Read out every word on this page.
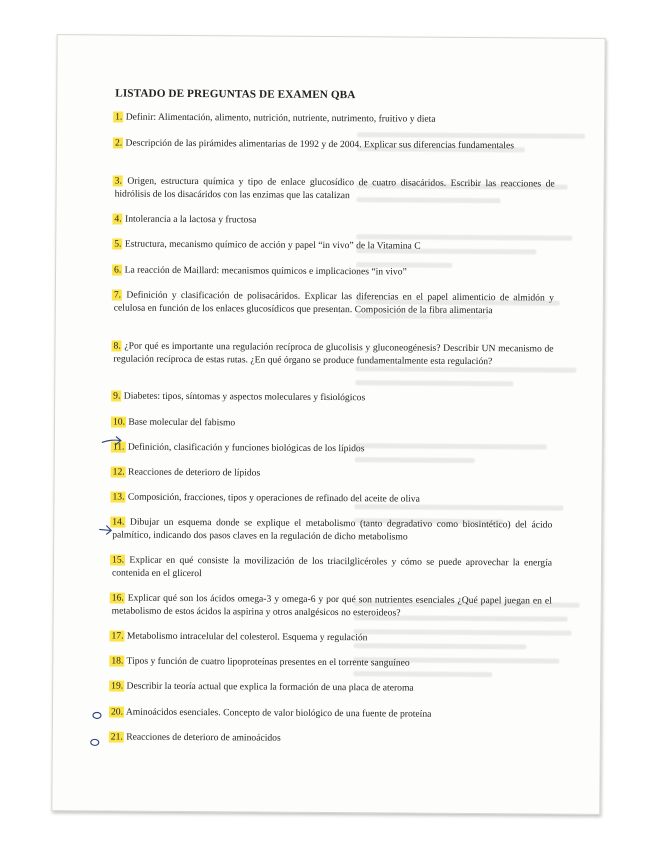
LISTADO DE PREGUNTAS DE EXAMEN QBA
1. Definir: Alimentación, alimento, nutrición, nutriente, nutrimento, fruitivo y dieta
2. Descripción de las pirámides alimentarias de 1992 y de 2004. Explicar sus diferencias fundamentales
3. Origen, estructura química y tipo de enlace glucosídico de cuatro disacáridos. Escribir las reacciones de hidrólisis de los disacáridos con las enzimas que las catalizan
4. Intolerancia a la lactosa y fructosa
5. Estructura, mecanismo químico de acción y papel “in vivo” de la Vitamina C
6. La reacción de Maillard: mecanismos químicos e implicaciones “in vivo”
7. Definición y clasificación de polisacáridos. Explicar las diferencias en el papel alimenticio de almidón y celulosa en función de los enlaces glucosídicos que presentan. Composición de la fibra alimentaria
8. ¿Por qué es importante una regulación recíproca de glucolisis y gluconeogénesis? Describir UN mecanismo de regulación recíproca de estas rutas. ¿En qué órgano se produce fundamentalmente esta regulación?
9. Diabetes: tipos, síntomas y aspectos moleculares y fisiológicos
10. Base molecular del fabismo
11. Definición, clasificación y funciones biológicas de los lípidos
12. Reacciones de deterioro de lípidos
13. Composición, fracciones, tipos y operaciones de refinado del aceite de oliva
14. Dibujar un esquema donde se explique el metabolismo (tanto degradativo como biosintético) del ácido palmítico, indicando dos pasos claves en la regulación de dicho metabolismo
15. Explicar en qué consiste la movilización de los triacilglicéroles y cómo se puede aprovechar la energía contenida en el glicerol
16. Explicar qué son los ácidos omega-3 y omega-6 y por qué son nutrientes esenciales ¿Qué papel juegan en el metabolismo de estos ácidos la aspirina y otros analgésicos no esteroideos?
17. Metabolismo intracelular del colesterol. Esquema y regulación
18. Tipos y función de cuatro lipoproteínas presentes en el torrente sanguíneo
19. Describir la teoría actual que explica la formación de una placa de ateroma
20. Aminoácidos esenciales. Concepto de valor biológico de una fuente de proteína
21. Reacciones de deterioro de aminoácidos
